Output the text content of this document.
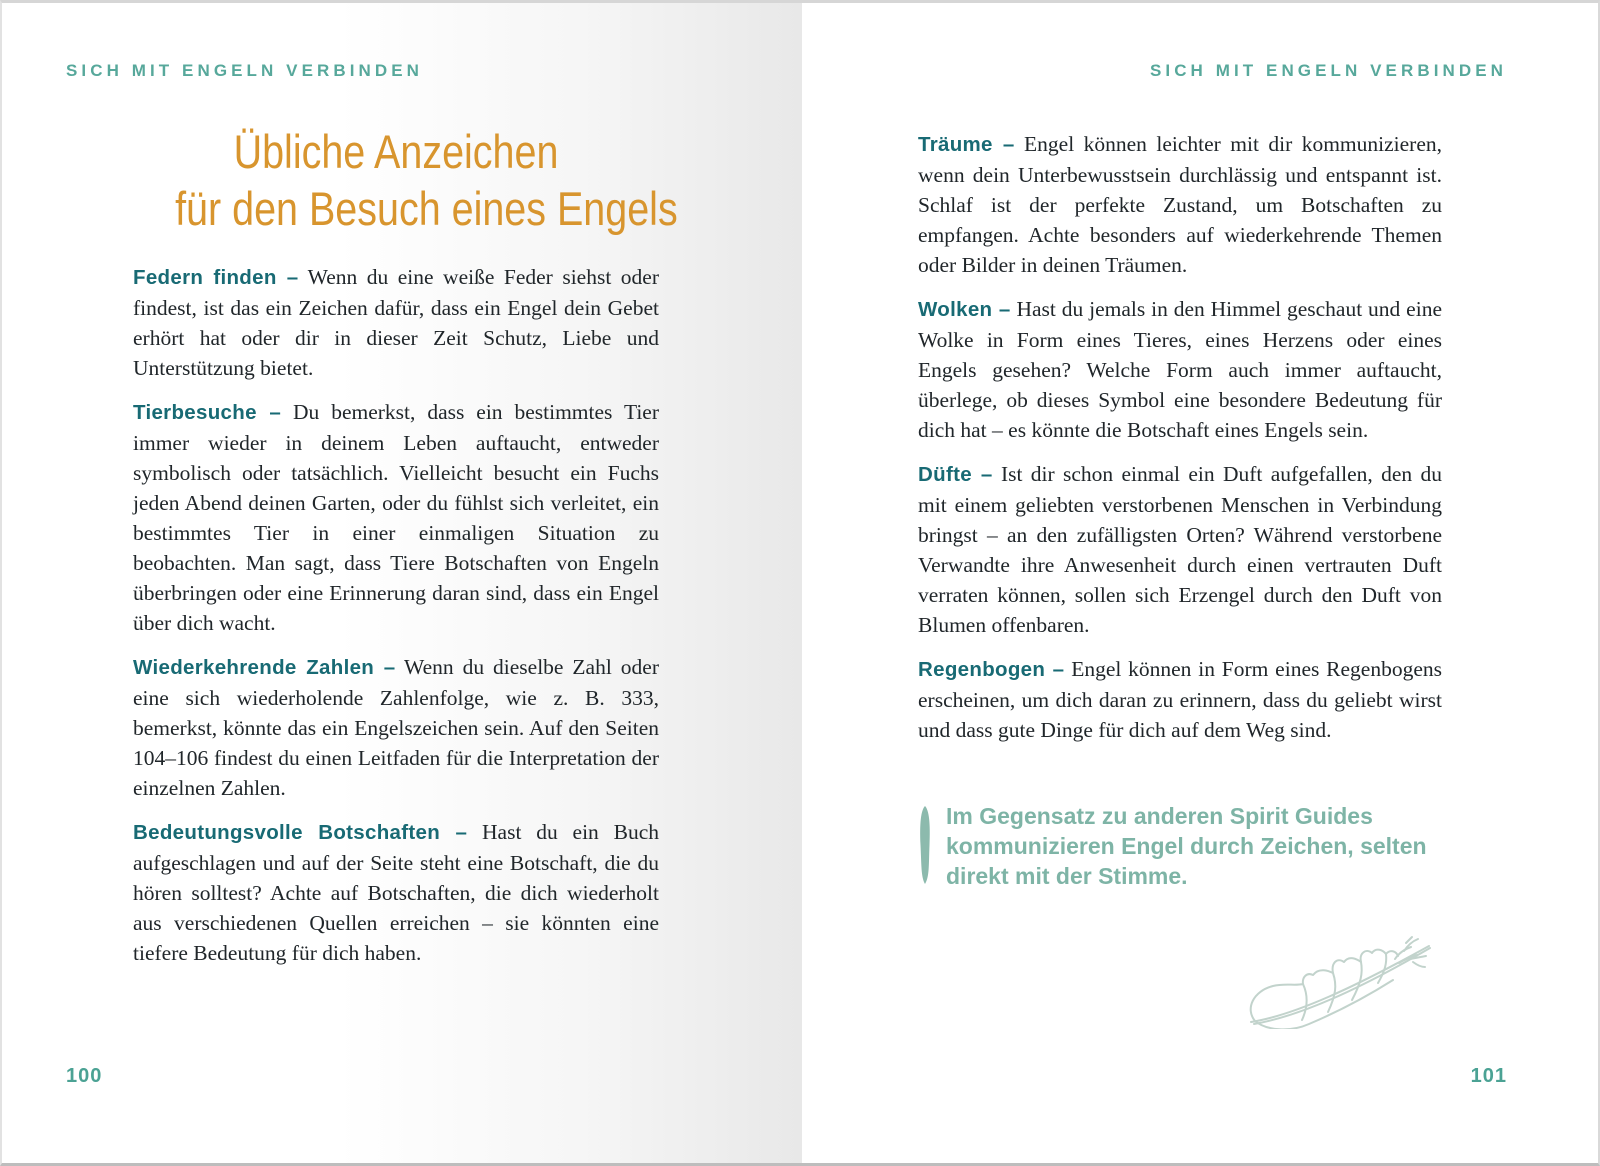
SICH MIT ENGELN VERBINDEN
Übliche Anzeichen
für den Besuch eines Engels

Federn finden – Wenn du eine weiße Feder siehst oder findest, ist das ein Zeichen dafür, dass ein Engel dein Gebet erhört hat oder dir in dieser Zeit Schutz, Liebe und Unterstützung bietet.

Tierbesuche – Du bemerkst, dass ein bestimmtes Tier immer wieder in deinem Leben auftaucht, entweder symbolisch oder tatsächlich. Vielleicht besucht ein Fuchs jeden Abend deinen Garten, oder du fühlst sich verleitet, ein bestimmtes Tier in einer einmaligen Situation zu beobachten. Man sagt, dass Tiere Botschaften von Engeln überbringen oder eine Erinnerung daran sind, dass ein Engel über dich wacht.

Wiederkehrende Zahlen – Wenn du dieselbe Zahl oder eine sich wiederholende Zahlenfolge, wie z. B. 333, bemerkst, könnte das ein Engelszeichen sein. Auf den Seiten 104–106 findest du einen Leitfaden für die Interpretation der einzelnen Zahlen.

Bedeutungsvolle Botschaften – Hast du ein Buch aufgeschlagen und auf der Seite steht eine Botschaft, die du hören solltest? Achte auf Botschaften, die dich wiederholt aus verschiedenen Quellen erreichen – sie könnten eine tiefere Bedeutung für dich haben.

100
SICH MIT ENGELN VERBINDEN

Träume – Engel können leichter mit dir kommunizieren, wenn dein Unterbewusstsein durchlässig und entspannt ist. Schlaf ist der perfekte Zustand, um Botschaften zu empfangen. Achte besonders auf wiederkehrende Themen oder Bilder in deinen Träumen.

Wolken – Hast du jemals in den Himmel geschaut und eine Wolke in Form eines Tieres, eines Herzens oder eines Engels gesehen? Welche Form auch immer auftaucht, überlege, ob dieses Symbol eine besondere Bedeutung für dich hat – es könnte die Botschaft eines Engels sein.

Düfte – Ist dir schon einmal ein Duft aufgefallen, den du mit einem geliebten verstorbenen Menschen in Verbindung bringst – an den zufälligsten Orten? Während verstorbene Verwandte ihre Anwesenheit durch einen vertrauten Duft verraten können, sollen sich Erzengel durch den Duft von Blumen offenbaren.

Regenbogen – Engel können in Form eines Regenbogens erscheinen, um dich daran zu erinnern, dass du geliebt wirst und dass gute Dinge für dich auf dem Weg sind.

Im Gegensatz zu anderen Spirit Guides kommunizieren Engel durch Zeichen, selten direkt mit der Stimme.
101
